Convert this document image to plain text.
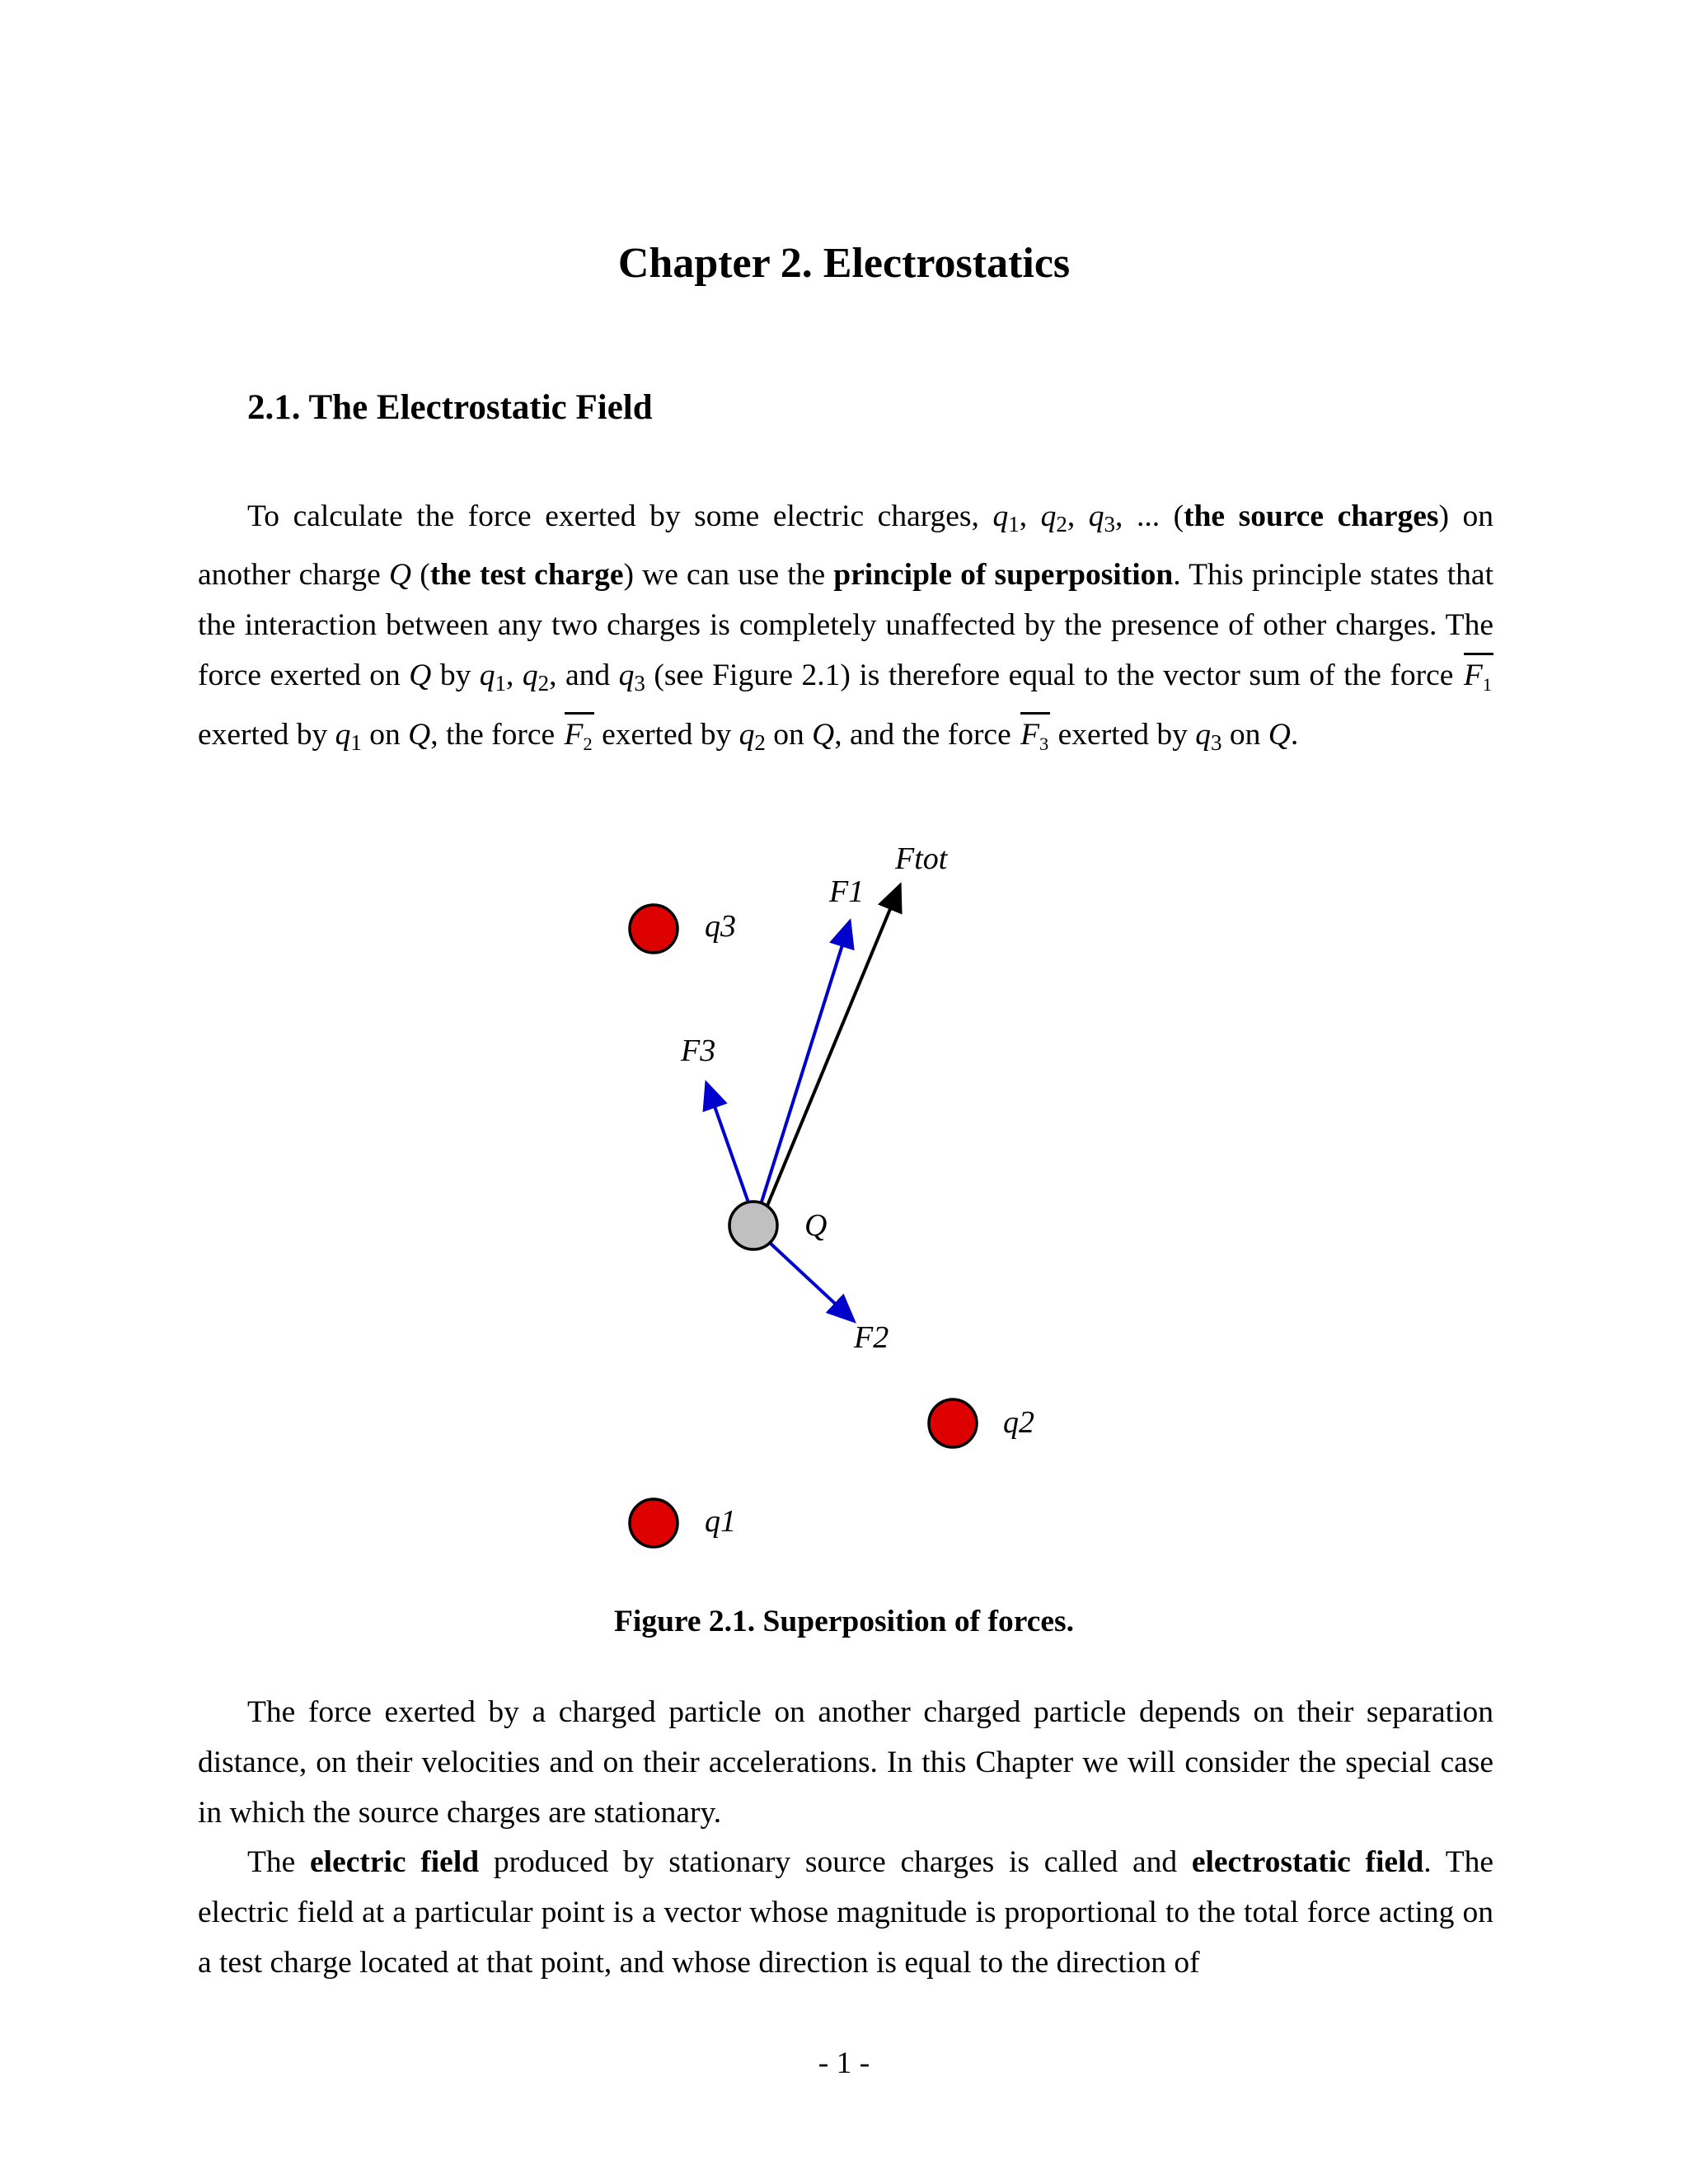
Chapter 2. Electrostatics
2.1. The Electrostatic Field

To calculate the force exerted by some electric charges, $q_1$, $q_2$, $q_3$, ... (the source charges) on another charge Q (the test charge) we can use the principle of superposition. This principle states that the interaction between any two charges is completely unaffected by the presence of other charges. The force exerted on Q by $q_1$, $q_2$, and $q_3$ (see Figure 2.1) is therefore equal to the vector sum of the force F1 exerted by $q_1$ on Q, the force F2 exerted by $q_2$ on Q, and the force F3 exerted by $q_3$ on Q.

Ftot
F1
q3
F3
Q
F2
q2
q1

Figure 2.1. Superposition of forces.

The force exerted by a charged particle on another charged particle depends on their separation distance, on their velocities and on their accelerations. In this Chapter we will consider the special case in which the source charges are stationary.

The electric field produced by stationary source charges is called and electrostatic field. The electric field at a particular point is a vector whose magnitude is proportional to the total force acting on a test charge located at that point, and whose direction is equal to the direction of

- 1 -
